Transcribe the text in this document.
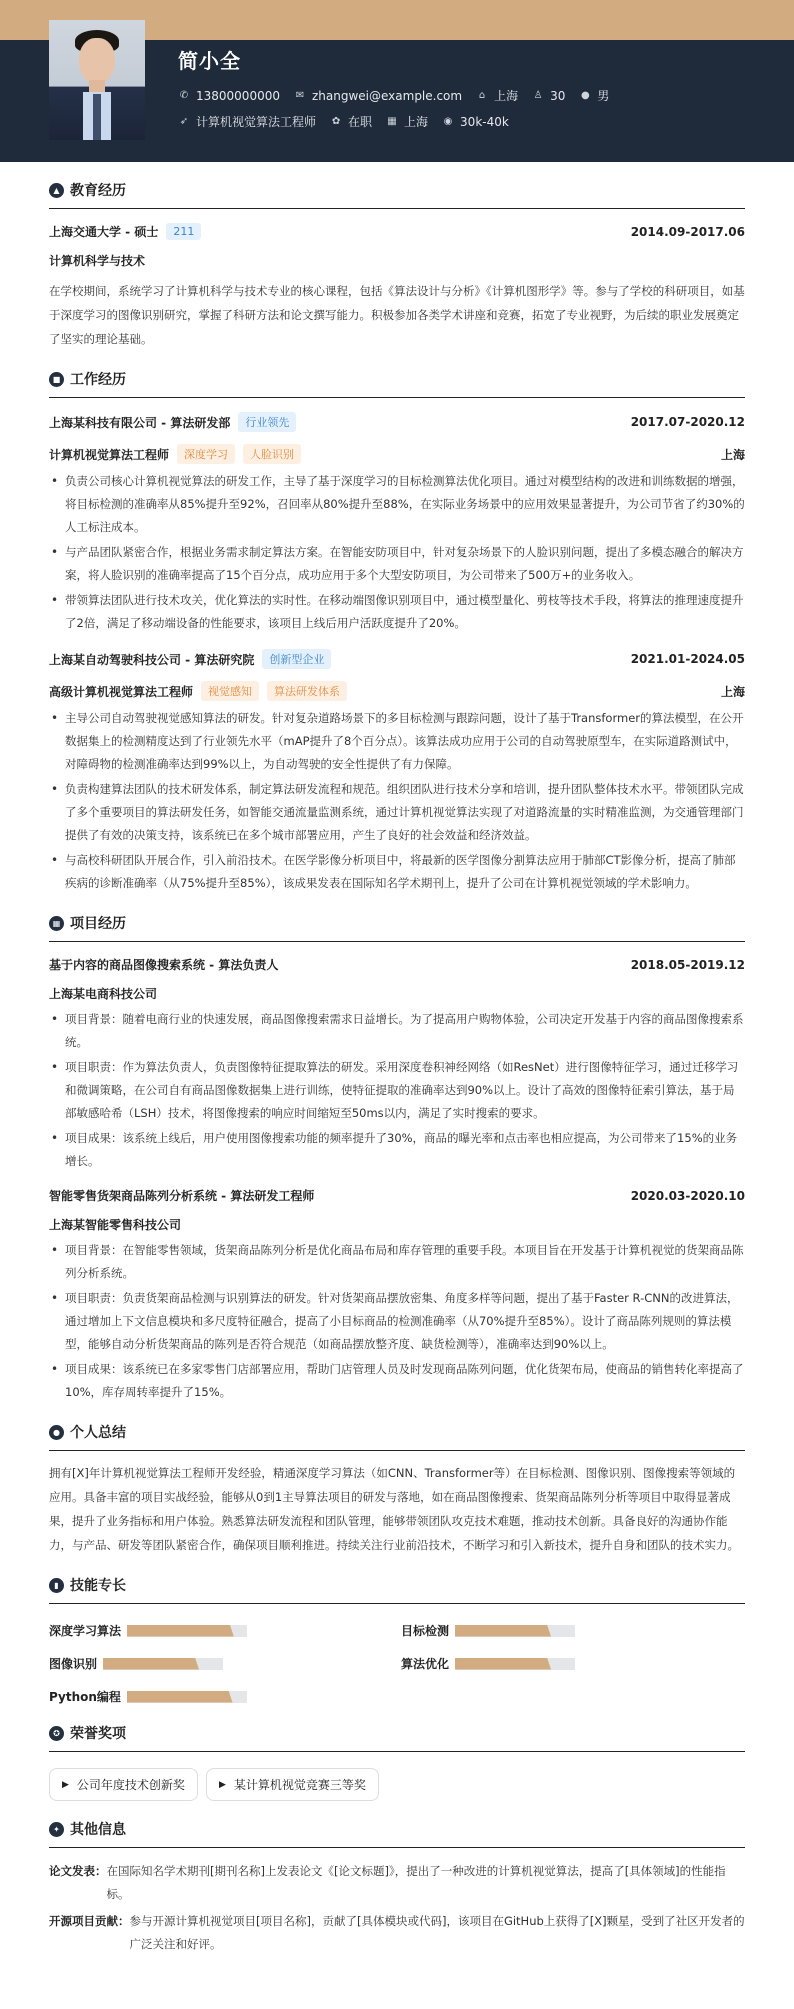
简小全
✆ 13800000000 ✉ zhangwei@example.com ⌂ 上海 ♙ 30 ● 男
➶ 计算机视觉算法工程师 ✿ 在职 ▦ 上海 ◉ 30k-40k
▲ 教育经历
上海交通大学 - 硕士	211	2014.09-2017.06
计算机科学与技术
在学校期间，系统学习了计算机科学与技术专业的核心课程，包括《算法设计与分析》《计算机图形学》等。参与了学校的科研项目，如基于深度学习的图像识别研究，掌握了科研方法和论文撰写能力。积极参加各类学术讲座和竞赛，拓宽了专业视野，为后续的职业发展奠定了坚实的理论基础。
■ 工作经历
上海某科技有限公司 - 算法研发部	行业领先	2017.07-2020.12
计算机视觉算法工程师	深度学习	人脸识别	上海
• 负责公司核心计算机视觉算法的研发工作，主导了基于深度学习的目标检测算法优化项目。通过对模型结构的改进和训练数据的增强，将目标检测的准确率从85%提升至92%，召回率从80%提升至88%，在实际业务场景中的应用效果显著提升，为公司节省了约30%的人工标注成本。
• 与产品团队紧密合作，根据业务需求制定算法方案。在智能安防项目中，针对复杂场景下的人脸识别问题，提出了多模态融合的解决方案，将人脸识别的准确率提高了15个百分点，成功应用于多个大型安防项目，为公司带来了500万+的业务收入。
• 带领算法团队进行技术攻关，优化算法的实时性。在移动端图像识别项目中，通过模型量化、剪枝等技术手段，将算法的推理速度提升了2倍，满足了移动端设备的性能要求，该项目上线后用户活跃度提升了20%。
上海某自动驾驶科技公司 - 算法研究院	创新型企业	2021.01-2024.05
高级计算机视觉算法工程师	视觉感知	算法研发体系	上海
• 主导公司自动驾驶视觉感知算法的研发。针对复杂道路场景下的多目标检测与跟踪问题，设计了基于Transformer的算法模型，在公开数据集上的检测精度达到了行业领先水平（mAP提升了8个百分点）。该算法成功应用于公司的自动驾驶原型车，在实际道路测试中，对障碍物的检测准确率达到99%以上，为自动驾驶的安全性提供了有力保障。
• 负责构建算法团队的技术研发体系，制定算法研发流程和规范。组织团队进行技术分享和培训，提升团队整体技术水平。带领团队完成了多个重要项目的算法研发任务，如智能交通流量监测系统，通过计算机视觉算法实现了对道路流量的实时精准监测，为交通管理部门提供了有效的决策支持，该系统已在多个城市部署应用，产生了良好的社会效益和经济效益。
• 与高校科研团队开展合作，引入前沿技术。在医学影像分析项目中，将最新的医学图像分割算法应用于肺部CT影像分析，提高了肺部疾病的诊断准确率（从75%提升至85%），该成果发表在国际知名学术期刊上，提升了公司在计算机视觉领域的学术影响力。
▦ 项目经历
基于内容的商品图像搜索系统 - 算法负责人	2018.05-2019.12
上海某电商科技公司
• 项目背景：随着电商行业的快速发展，商品图像搜索需求日益增长。为了提高用户购物体验，公司决定开发基于内容的商品图像搜索系统。
• 项目职责：作为算法负责人，负责图像特征提取算法的研发。采用深度卷积神经网络（如ResNet）进行图像特征学习，通过迁移学习和微调策略，在公司自有商品图像数据集上进行训练，使特征提取的准确率达到90%以上。设计了高效的图像特征索引算法，基于局部敏感哈希（LSH）技术，将图像搜索的响应时间缩短至50ms以内，满足了实时搜索的要求。
• 项目成果：该系统上线后，用户使用图像搜索功能的频率提升了30%，商品的曝光率和点击率也相应提高，为公司带来了15%的业务增长。
智能零售货架商品陈列分析系统 - 算法研发工程师	2020.03-2020.10
上海某智能零售科技公司
• 项目背景：在智能零售领域，货架商品陈列分析是优化商品布局和库存管理的重要手段。本项目旨在开发基于计算机视觉的货架商品陈列分析系统。
• 项目职责：负责货架商品检测与识别算法的研发。针对货架商品摆放密集、角度多样等问题，提出了基于Faster R-CNN的改进算法，通过增加上下文信息模块和多尺度特征融合，提高了小目标商品的检测准确率（从70%提升至85%）。设计了商品陈列规则的算法模型，能够自动分析货架商品的陈列是否符合规范（如商品摆放整齐度、缺货检测等），准确率达到90%以上。
• 项目成果：该系统已在多家零售门店部署应用，帮助门店管理人员及时发现商品陈列问题，优化货架布局，使商品的销售转化率提高了10%，库存周转率提升了15%。
● 个人总结
拥有[X]年计算机视觉算法工程师开发经验，精通深度学习算法（如CNN、Transformer等）在目标检测、图像识别、图像搜索等领域的应用。具备丰富的项目实战经验，能够从0到1主导算法项目的研发与落地，如在商品图像搜索、货架商品陈列分析等项目中取得显著成果，提升了业务指标和用户体验。熟悉算法研发流程和团队管理，能够带领团队攻克技术难题，推动技术创新。具备良好的沟通协作能力，与产品、研发等团队紧密合作，确保项目顺利推进。持续关注行业前沿技术，不断学习和引入新技术，提升自身和团队的技术实力。
▮ 技能专长
深度学习算法	目标检测
图像识别	算法优化
Python编程
✪ 荣誉奖项
▶ 公司年度技术创新奖	▶ 某计算机视觉竞赛三等奖
✦ 其他信息
论文发表： 在国际知名学术期刊[期刊名称]上发表论文《[论文标题]》，提出了一种改进的计算机视觉算法，提高了[具体领域]的性能指标。
开源项目贡献： 参与开源计算机视觉项目[项目名称]，贡献了[具体模块或代码]，该项目在GitHub上获得了[X]颗星，受到了社区开发者的广泛关注和好评。
